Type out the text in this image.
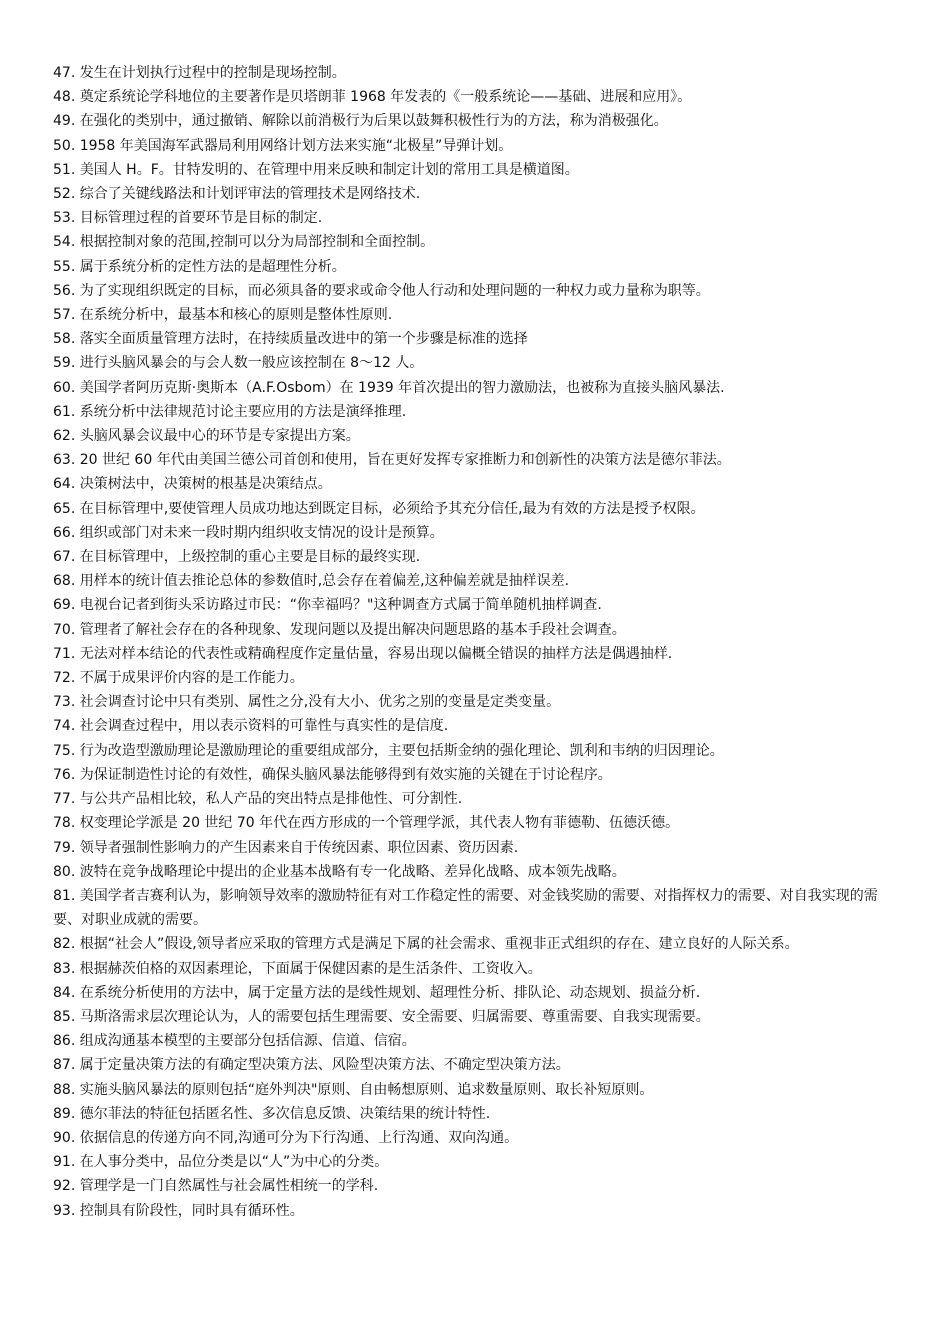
47. 发生在计划执行过程中的控制是现场控制。

48. 奠定系统论学科地位的主要著作是贝塔朗菲 1968 年发表的《一般系统论——基础、进展和应用》。

49. 在强化的类别中，通过撤销、解除以前消极行为后果以鼓舞积极性行为的方法，称为消极强化。

50. 1958 年美国海军武器局利用网络计划方法来实施“北极星”导弹计划。

51. 美国人 H。F。甘特发明的、在管理中用来反映和制定计划的常用工具是横道图。

52. 综合了关键线路法和计划评审法的管理技术是网络技术.

53. 目标管理过程的首要环节是目标的制定.

54. 根据控制对象的范围,控制可以分为局部控制和全面控制。

55. 属于系统分析的定性方法的是超理性分析。

56. 为了实现组织既定的目标，而必须具备的要求或命令他人行动和处理问题的一种权力或力量称为职等。

57. 在系统分析中，最基本和核心的原则是整体性原则.

58. 落实全面质量管理方法时，在持续质量改进中的第一个步骤是标准的选择

59. 进行头脑风暴会的与会人数一般应该控制在 8～12 人。

60. 美国学者阿历克斯·奥斯本（A.F.Osbom）在 1939 年首次提出的智力激励法，也被称为直接头脑风暴法.

61. 系统分析中法律规范讨论主要应用的方法是演绎推理.

62. 头脑风暴会议最中心的环节是专家提出方案。

63. 20 世纪 60 年代由美国兰德公司首创和使用，旨在更好发挥专家推断力和创新性的决策方法是德尔菲法。

64. 决策树法中，决策树的根基是决策结点。

65. 在目标管理中,要使管理人员成功地达到既定目标，必须给予其充分信任,最为有效的方法是授予权限。

66. 组织或部门对未来一段时期内组织收支情况的设计是预算。

67. 在目标管理中，上级控制的重心主要是目标的最终实现.

68. 用样本的统计值去推论总体的参数值时,总会存在着偏差,这种偏差就是抽样误差.

69. 电视台记者到街头采访路过市民：“你幸福吗？"这种调查方式属于简单随机抽样调查.

70. 管理者了解社会存在的各种现象、发现问题以及提出解决问题思路的基本手段社会调查。

71. 无法对样本结论的代表性或精确程度作定量估量，容易出现以偏概全错误的抽样方法是偶遇抽样.

72. 不属于成果评价内容的是工作能力。

73. 社会调查讨论中只有类别、属性之分,没有大小、优劣之别的变量是定类变量。

74. 社会调查过程中，用以表示资料的可靠性与真实性的是信度.

75. 行为改造型激励理论是激励理论的重要组成部分，主要包括斯金纳的强化理论、凯利和韦纳的归因理论。

76. 为保证制造性讨论的有效性，确保头脑风暴法能够得到有效实施的关键在于讨论程序。

77. 与公共产品相比较，私人产品的突出特点是排他性、可分割性.

78. 权变理论学派是 20 世纪 70 年代在西方形成的一个管理学派，其代表人物有菲德勒、伍德沃德。

79. 领导者强制性影响力的产生因素来自于传统因素、职位因素、资历因素.

80. 波特在竞争战略理论中提出的企业基本战略有专一化战略、差异化战略、成本领先战略。

81. 美国学者吉赛利认为，影响领导效率的激励特征有对工作稳定性的需要、对金钱奖励的需要、对指挥权力的需要、对自我实现的需要、对职业成就的需要。

82. 根据“社会人”假设,领导者应采取的管理方式是满足下属的社会需求、重视非正式组织的存在、建立良好的人际关系。

83. 根据赫茨伯格的双因素理论，下面属于保健因素的是生活条件、工资收入。

84. 在系统分析使用的方法中，属于定量方法的是线性规划、超理性分析、排队论、动态规划、损益分析.

85. 马斯洛需求层次理论认为，人的需要包括生理需要、安全需要、归属需要、尊重需要、自我实现需要。

86. 组成沟通基本模型的主要部分包括信源、信道、信宿。

87. 属于定量决策方法的有确定型决策方法、风险型决策方法、不确定型决策方法。

88. 实施头脑风暴法的原则包括“庭外判决"原则、自由畅想原则、追求数量原则、取长补短原则。

89. 德尔菲法的特征包括匿名性、多次信息反馈、决策结果的统计特性.

90. 依据信息的传递方向不同,沟通可分为下行沟通、上行沟通、双向沟通。

91. 在人事分类中，品位分类是以“人”为中心的分类。

92. 管理学是一门自然属性与社会属性相统一的学科.

93. 控制具有阶段性，同时具有循环性。
